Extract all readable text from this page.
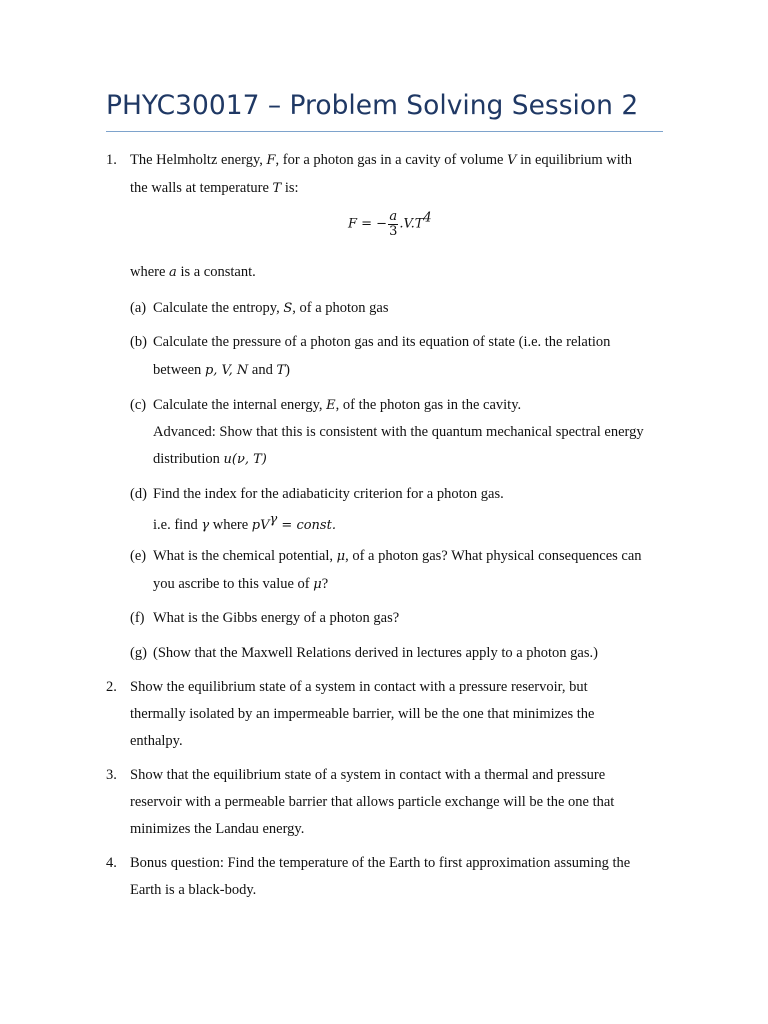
PHYC30017 – Problem Solving Session 2
1. The Helmholtz energy, F, for a photon gas in a cavity of volume V in equilibrium with
the walls at temperature T is:
F = − $\frac{a}{3} .V.T^4$
where a is a constant.
(a) Calculate the entropy, S, of a photon gas
(b) Calculate the pressure of a photon gas and its equation of state (i.e. the relation
between p, V, N and T)
(c) Calculate the internal energy, E, of the photon gas in the cavity.
Advanced: Show that this is consistent with the quantum mechanical spectral energy
distribution u(ν, T)
(d) Find the index for the adiabaticity criterion for a photon gas.
i.e. find γ where $pV^\gamma$ = const.
(e) What is the chemical potential, μ, of a photon gas? What physical consequences can
you ascribe to this value of μ?
(f) What is the Gibbs energy of a photon gas?
(g) (Show that the Maxwell Relations derived in lectures apply to a photon gas.)
2. Show the equilibrium state of a system in contact with a pressure reservoir, but
thermally isolated by an impermeable barrier, will be the one that minimizes the
enthalpy.
3. Show that the equilibrium state of a system in contact with a thermal and pressure
reservoir with a permeable barrier that allows particle exchange will be the one that
minimizes the Landau energy.
4. Bonus question: Find the temperature of the Earth to first approximation assuming the
Earth is a black-body.
